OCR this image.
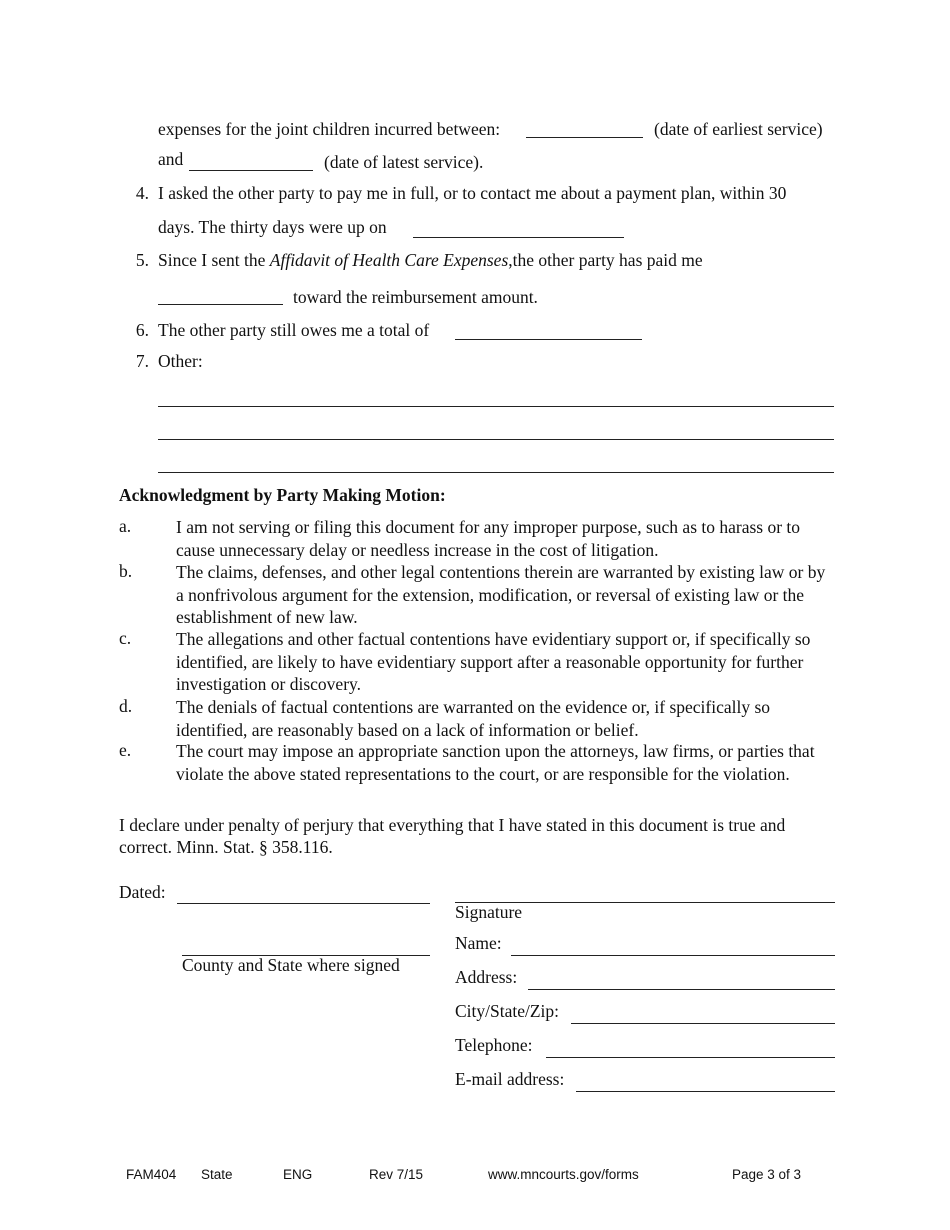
expenses for the joint children incurred between:	(date of earliest service)
and	(date of latest service).
4. I asked the other party to pay me in full, or to contact me about a payment plan, within 30
days. The thirty days were up on
5. Since I sent the Affidavit of Health Care Expenses,the other party has paid me
toward the reimbursement amount.
6. The other party still owes me a total of
7. Other:
Acknowledgment by Party Making Motion:
a.	I am not serving or filing this document for any improper purpose, such as to harass or to cause unnecessary delay or needless increase in the cost of litigation.
b.	The claims, defenses, and other legal contentions therein are warranted by existing law or by a nonfrivolous argument for the extension, modification, or reversal of existing law or the establishment of new law.
c.	The allegations and other factual contentions have evidentiary support or, if specifically so identified, are likely to have evidentiary support after a reasonable opportunity for further investigation or discovery.
d.	The denials of factual contentions are warranted on the evidence or, if specifically so identified, are reasonably based on a lack of information or belief.
e.	The court may impose an appropriate sanction upon the attorneys, law firms, or parties that violate the above stated representations to the court, or are responsible for the violation.
I declare under penalty of perjury that everything that I have stated in this document is true and
correct. Minn. Stat. § 358.116.
Dated:
County and State where signed
Signature
Name:
Address:
City/State/Zip:
Telephone:
E-mail address:
FAM404 State	ENG	Rev 7/15	www.mncourts.gov/forms	Page 3 of 3
